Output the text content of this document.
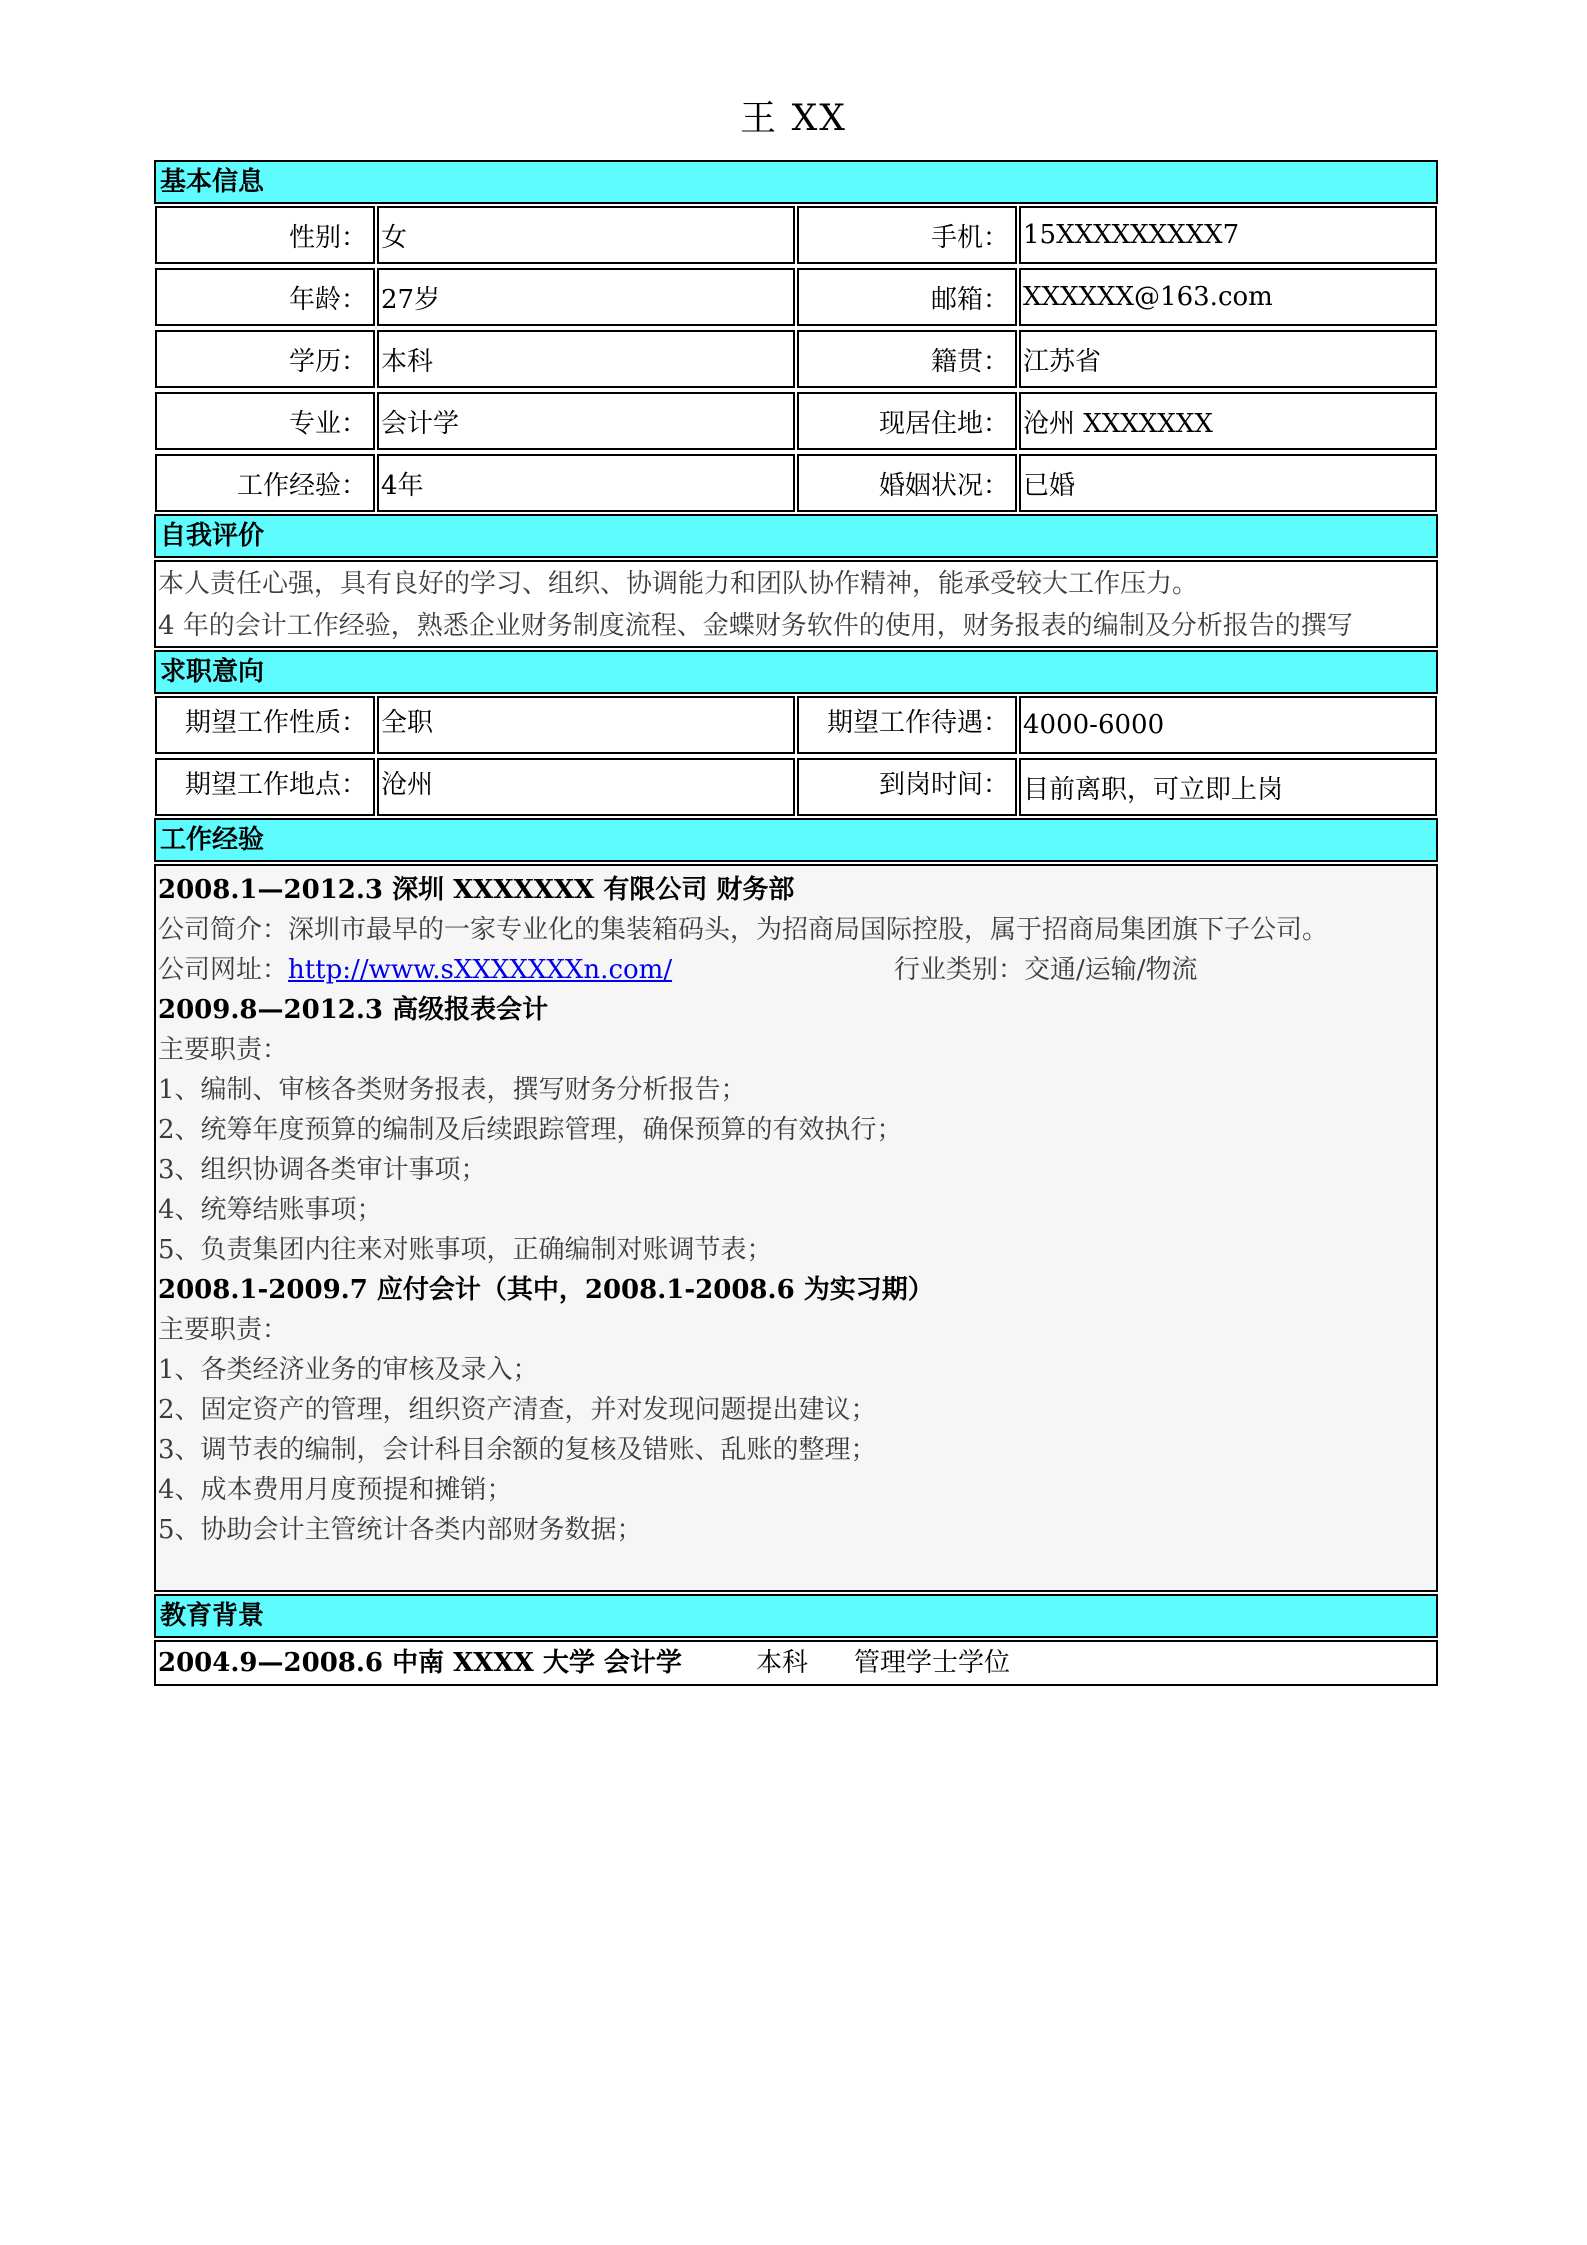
王 XX
基本信息
性别： 女	手机： 15XXXXXXXXX7
年龄： 27岁	邮箱： XXXXXX@163.com
学历： 本科	籍贯： 江苏省
专业： 会计学	现居住地： 沧州 XXXXXXX
工作经验： 4年	婚姻状况： 已婚
自我评价
本人责任心强，具有良好的学习、组织、协调能力和团队协作精神，能承受较大工作压力。
4 年的会计工作经验，熟悉企业财务制度流程、金蝶财务软件的使用，财务报表的编制及分析报告的撰写
求职意向
期望工作性质： 全职	期望工作待遇： 4000-6000
期望工作地点： 沧州	到岗时间： 目前离职，可立即上岗
工作经验
2008.1—2012.3 深圳 XXXXXXX 有限公司 财务部
公司简介：深圳市最早的一家专业化的集装箱码头，为招商局国际控股，属于招商局集团旗下子公司。
公司网址：http://www.sXXXXXXXn.com/	行业类别：交通/运输/物流
2009.8—2012.3 高级报表会计
主要职责：
1、编制、审核各类财务报表，撰写财务分析报告；
2、统筹年度预算的编制及后续跟踪管理，确保预算的有效执行；
3、组织协调各类审计事项；
4、统筹结账事项；
5、负责集团内往来对账事项，正确编制对账调节表；
2008.1-2009.7 应付会计（其中，2008.1-2008.6 为实习期）
主要职责：
1、各类经济业务的审核及录入；
2、固定资产的管理，组织资产清查，并对发现问题提出建议；
3、调节表的编制，会计科目余额的复核及错账、乱账的整理；
4、成本费用月度预提和摊销；
5、协助会计主管统计各类内部财务数据；
教育背景
2004.9—2008.6 中南 XXXX 大学 会计学	本科 管理学士学位
